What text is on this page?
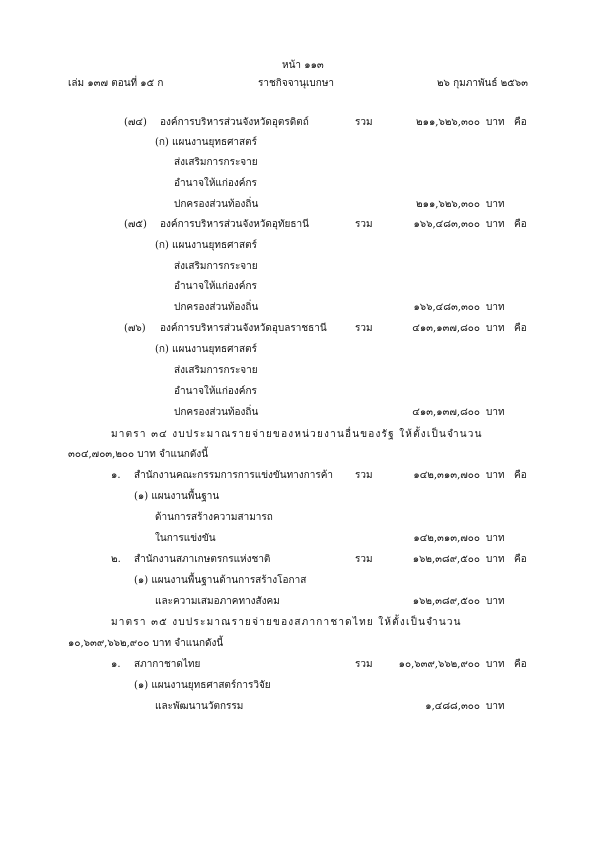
หน้า ๑๑๓
เล่ม ๑๓๗ ตอนที่ ๑๕ ก	ราชกิจจานุเบกษา	๒๖ กุมภาพันธ์ ๒๕๖๓
(๗๔) องค์การบริหารส่วนจังหวัดอุตรดิตถ์	รวม	๒๑๑,๖๒๖,๓๐๐ บาท คือ
(ก) แผนงานยุทธศาสตร์
ส่งเสริมการกระจาย
อำนาจให้แก่องค์กร
ปกครองส่วนท้องถิ่น	๒๑๑,๖๒๖,๓๐๐ บาท
(๗๕) องค์การบริหารส่วนจังหวัดอุทัยธานี	รวม	๑๖๖,๔๘๓,๓๐๐ บาท คือ
(ก) แผนงานยุทธศาสตร์
ส่งเสริมการกระจาย
อำนาจให้แก่องค์กร
ปกครองส่วนท้องถิ่น	๑๖๖,๔๘๓,๓๐๐ บาท
(๗๖) องค์การบริหารส่วนจังหวัดอุบลราชธานี	รวม	๔๑๓,๑๓๗,๘๐๐ บาท คือ
(ก) แผนงานยุทธศาสตร์
ส่งเสริมการกระจาย
อำนาจให้แก่องค์กร
ปกครองส่วนท้องถิ่น	๔๑๓,๑๓๗,๘๐๐ บาท
มาตรา ๓๔ งบประมาณรายจ่ายของหน่วยงานอื่นของรัฐ ให้ตั้งเป็นจำนวน
๓๐๔,๗๐๓,๒๐๐ บาท จำแนกดังนี้
๑. สำนักงานคณะกรรมการการแข่งขันทางการค้า รวม	๑๔๒,๓๑๓,๗๐๐ บาท คือ
(๑) แผนงานพื้นฐาน
ด้านการสร้างความสามารถ
ในการแข่งขัน	๑๔๒,๓๑๓,๗๐๐ บาท
๒. สำนักงานสภาเกษตรกรแห่งชาติ	รวม	๑๖๒,๓๘๙,๕๐๐ บาท คือ
(๑) แผนงานพื้นฐานด้านการสร้างโอกาส
และความเสมอภาคทางสังคม	๑๖๒,๓๘๙,๕๐๐ บาท
มาตรา ๓๕ งบประมาณรายจ่ายของสภากาชาดไทย ให้ตั้งเป็นจำนวน
๑๐,๖๓๙,๖๖๒,๙๐๐ บาท จำแนกดังนี้
๑. สภากาชาดไทย	รวม	๑๐,๖๓๙,๖๖๒,๙๐๐ บาท คือ
(๑) แผนงานยุทธศาสตร์การวิจัย
และพัฒนานวัตกรรม	๑,๔๘๘,๓๐๐ บาท
